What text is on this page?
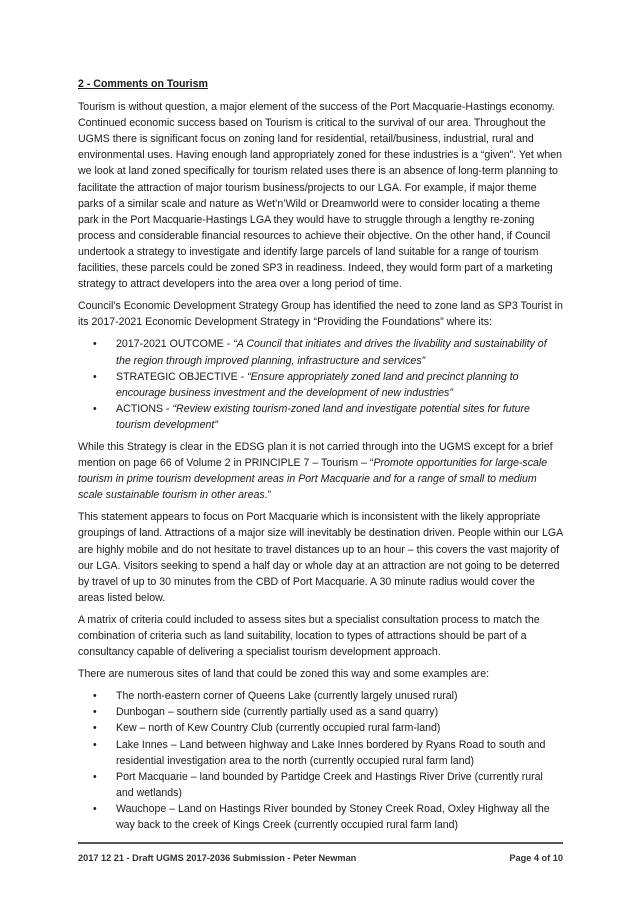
2 - Comments on Tourism

Tourism is without question, a major element of the success of the Port Macquarie-Hastings economy. Continued economic success based on Tourism is critical to the survival of our area. Throughout the UGMS there is significant focus on zoning land for residential, retail/business, industrial, rural and environmental uses. Having enough land appropriately zoned for these industries is a “given”. Yet when we look at land zoned specifically for tourism related uses there is an absence of long-term planning to facilitate the attraction of major tourism business/projects to our LGA. For example, if major theme parks of a similar scale and nature as Wet’n’Wild or Dreamworld were to consider locating a theme park in the Port Macquarie-Hastings LGA they would have to struggle through a lengthy re-zoning process and considerable financial resources to achieve their objective. On the other hand, if Council undertook a strategy to investigate and identify large parcels of land suitable for a range of tourism facilities, these parcels could be zoned SP3 in readiness. Indeed, they would form part of a marketing strategy to attract developers into the area over a long period of time.

Council’s Economic Development Strategy Group has identified the need to zone land as SP3 Tourist in its 2017-2021 Economic Development Strategy in “Providing the Foundations” where its:

• 2017-2021 OUTCOME - “A Council that initiates and drives the livability and sustainability of the region through improved planning, infrastructure and services”
• STRATEGIC OBJECTIVE - “Ensure appropriately zoned land and precinct planning to encourage business investment and the development of new industries”
• ACTIONS - “Review existing tourism-zoned land and investigate potential sites for future tourism development”

While this Strategy is clear in the EDSG plan it is not carried through into the UGMS except for a brief mention on page 66 of Volume 2 in PRINCIPLE 7 – Tourism – “Promote opportunities for large-scale tourism in prime tourism development areas in Port Macquarie and for a range of small to medium scale sustainable tourism in other areas.”

This statement appears to focus on Port Macquarie which is inconsistent with the likely appropriate groupings of land. Attractions of a major size will inevitably be destination driven. People within our LGA are highly mobile and do not hesitate to travel distances up to an hour – this covers the vast majority of our LGA. Visitors seeking to spend a half day or whole day at an attraction are not going to be deterred by travel of up to 30 minutes from the CBD of Port Macquarie. A 30 minute radius would cover the areas listed below.

A matrix of criteria could included to assess sites but a specialist consultation process to match the combination of criteria such as land suitability, location to types of attractions should be part of a consultancy capable of delivering a specialist tourism development approach.

There are numerous sites of land that could be zoned this way and some examples are:

• The north-eastern corner of Queens Lake (currently largely unused rural)
• Dunbogan – southern side (currently partially used as a sand quarry)
• Kew – north of Kew Country Club (currently occupied rural farm-land)
• Lake Innes – Land between highway and Lake Innes bordered by Ryans Road to south and residential investigation area to the north (currently occupied rural farm land)
• Port Macquarie – land bounded by Partidge Creek and Hastings River Drive (currently rural and wetlands)
• Wauchope – Land on Hastings River bounded by Stoney Creek Road, Oxley Highway all the way back to the creek of Kings Creek (currently occupied rural farm land)
2017 12 21 - Draft UGMS 2017-2036 Submission - Peter Newman	Page 4 of 10
